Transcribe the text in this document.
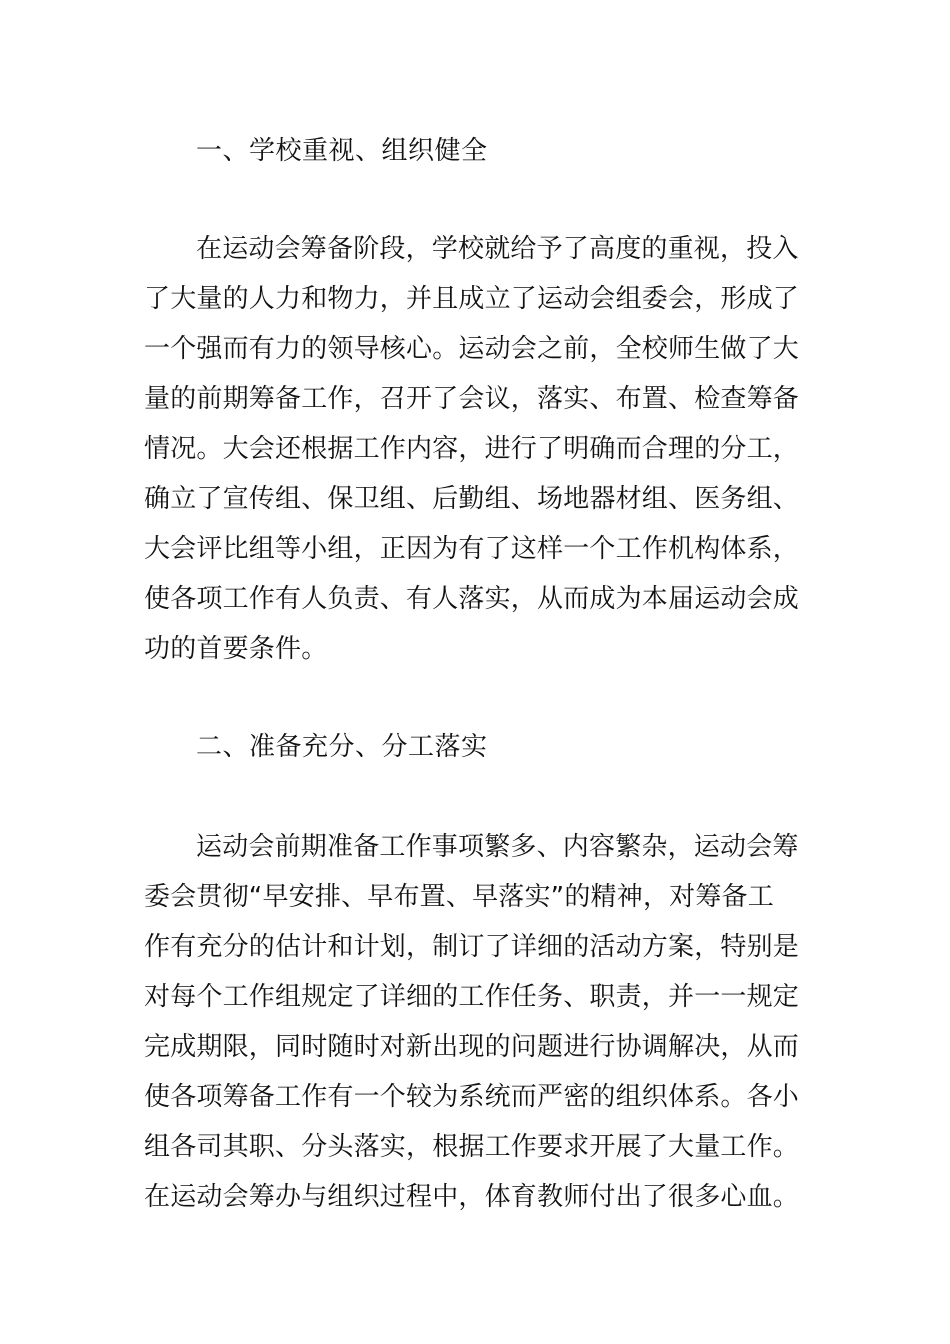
一、学校重视、组织健全
在运动会筹备阶段，学校就给予了高度的重视，投入
了大量的人力和物力，并且成立了运动会组委会，形成了
一个强而有力的领导核心。运动会之前，全校师生做了大
量的前期筹备工作，召开了会议，落实、布置、检查筹备
情况。大会还根据工作内容，进行了明确而合理的分工，
确立了宣传组、保卫组、后勤组、场地器材组、医务组、
大会评比组等小组，正因为有了这样一个工作机构体系，
使各项工作有人负责、有人落实，从而成为本届运动会成
功的首要条件。
二、准备充分、分工落实
运动会前期准备工作事项繁多、内容繁杂，运动会筹
委会贯彻“早安排、早布置、早落实”的精神，对筹备工
作有充分的估计和计划，制订了详细的活动方案，特别是
对每个工作组规定了详细的工作任务、职责，并一一规定
完成期限，同时随时对新出现的问题进行协调解决，从而
使各项筹备工作有一个较为系统而严密的组织体系。各小
组各司其职、分头落实，根据工作要求开展了大量工作。
在运动会筹办与组织过程中，体育教师付出了很多心血。
